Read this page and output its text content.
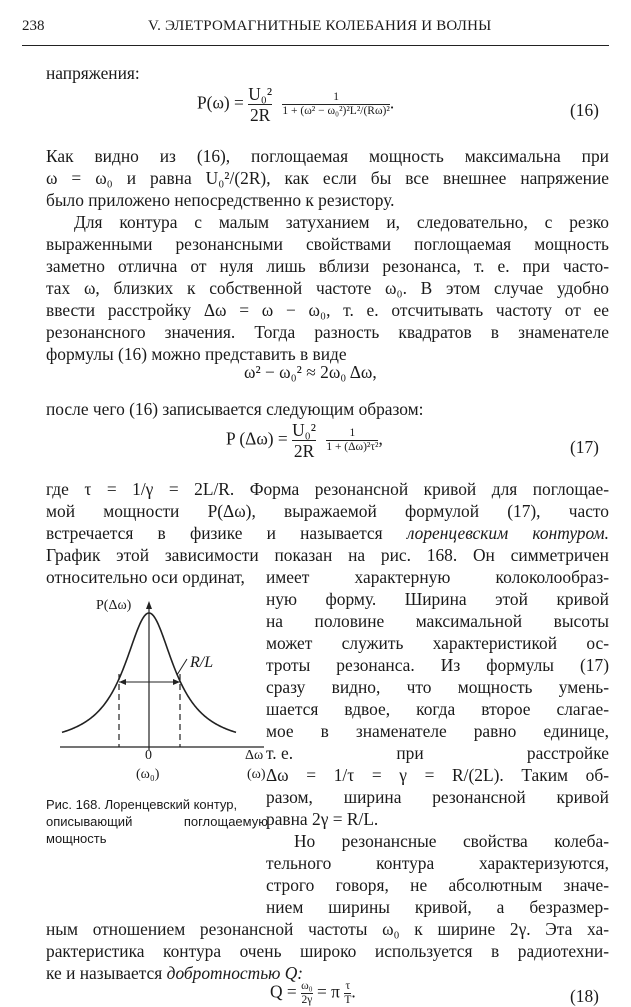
238	V. ЭЛЕТРОМАГНИТНЫЕ КОЛЕБАНИЯ И ВОЛНЫ
напряжения:
$P(\omega) = \frac{\text{U₀²}}{2R}$
$\frac{1}{\text{1 + (ω² − ω₀²)²L²/(Rω)²}}$ .	(16)
Как видно из (16), поглощаемая мощность максимальна при
ω = ω₀ и равна U₀²/(2R), как если бы все внешнее напряжение
было приложено непосредственно к резистору.
Для контура с малым затуханием и, следовательно, с резко
выраженными резонансными свойствами поглощаемая мощность
заметно отлична от нуля лишь вблизи резонанса, т. е. при часто-
тах ω, близких к собственной частоте ω₀. В этом случае удобно
ввести расстройку Δω = ω − ω₀, т. е. отсчитывать частоту от ее
резонансного значения. Тогда разность квадратов в знаменателе
формулы (16) можно представить в виде
ω² − ω₀² ≈ 2ω₀ Δω,
после чего (16) записывается следующим образом:
P $(\Delta\omega) = \frac{\text{U₀²}}{2R}$
$\frac{1}{\text{1 + (Δω)²τ²}}$ ,	(17)
где τ = 1/γ = 2L/R. Форма резонансной кривой для поглощае-
мой мощности P(Δω), выражаемой формулой (17), часто
встречается в физике и называется лоренцевским контуром.
График этой зависимости показан на рис. 168. Он симметричен
относительно оси ординат, имеет характерную колоколообраз-
ную форму. Ширина этой кривой
на половине максимальной высоты
может служить характеристикой ос-
троты резонанса. Из формулы (17)
сразу видно, что мощность умень-
шается вдвое, когда второе слагае-
мое в знаменателе равно единице,
т. е.	при	расстройке
Δω = 1/τ = γ = R/(2L). Таким об-
разом, ширина резонансной кривой
равна 2γ = R/L.
Но резонансные свойства колеба-
тельного контура характеризуются,
строго говоря, не абсолютным значе-
нием ширины кривой, а безразмер-
P(Δω)
R/L
0
(ω₀)
Δω
(ω)
Рис. 168. Лоренцевский контур,
описывающий поглощаемую
мощность
ным отношением резонансной частоты ω₀ к ширине 2γ. Эта ха-
рактеристика контура очень широко используется в радиотехни-
ке и называется добротностью Q:
$Q = \frac{\text{ω₀}}{2\gamma} = \pi \frac{\tau}{T}$ .	(18)
